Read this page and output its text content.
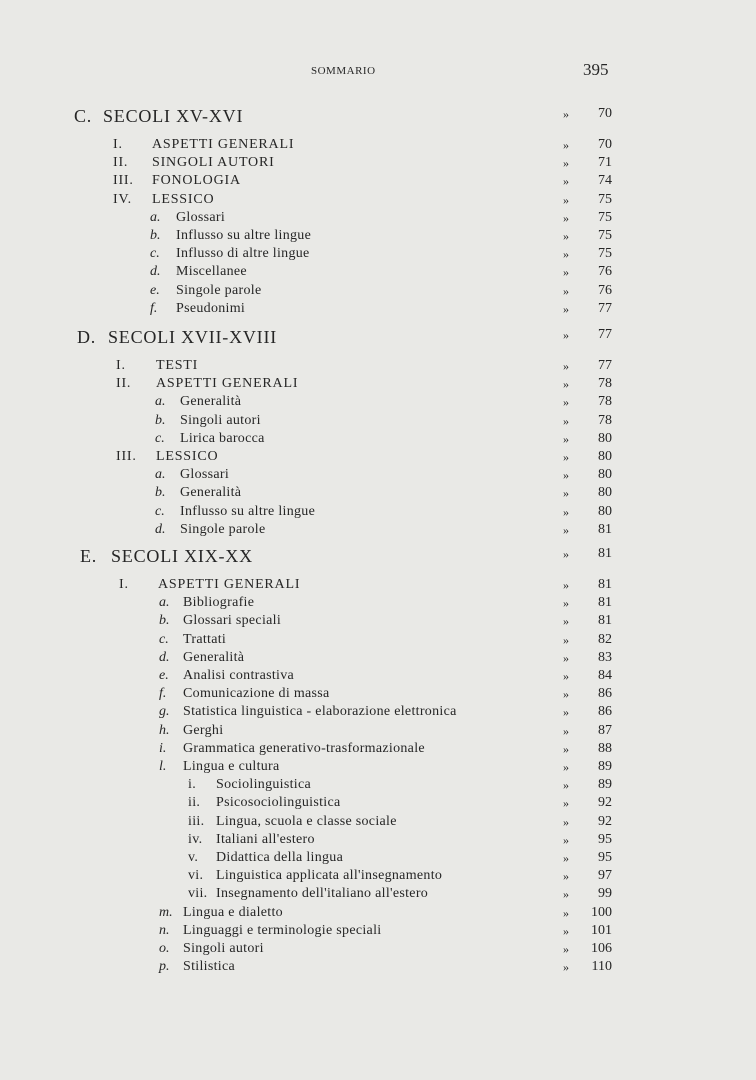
SOMMARIO	395
C. SECOLI XV-XVI	»	70
I. ASPETTI GENERALI	»	70
II. SINGOLI AUTORI	»	71
III. FONOLOGIA	»	74
IV. LESSICO	»	75
a. Glossari	»	75
b. Influsso su altre lingue	»	75
c. Influsso di altre lingue	»	75
d. Miscellanee	»	76
e. Singole parole	»	76
f. Pseudonimi	»	77
D. SECOLI XVII-XVIII	»	77
I. TESTI	»	77
II. ASPETTI GENERALI	»	78
a. Generalità	»	78
b. Singoli autori	»	78
c. Lirica barocca	»	80
III. LESSICO	»	80
a. Glossari	»	80
b. Generalità	»	80
c. Influsso su altre lingue	»	80
d. Singole parole	»	81
E. SECOLI XIX-XX	»	81
I. ASPETTI GENERALI	»	81
a. Bibliografie	»	81
b. Glossari speciali	»	81
c. Trattati	»	82
d. Generalità	»	83
e. Analisi contrastiva	»	84
f. Comunicazione di massa	»	86
g. Statistica linguistica - elaborazione elettronica	»	86
h. Gerghi	»	87
i. Grammatica generativo-trasformazionale	»	88
l. Lingua e cultura	»	89
i. Sociolinguistica	»	89
ii. Psicosociolinguistica	»	92
iii. Lingua, scuola e classe sociale	»	92
iv. Italiani all'estero	»	95
v. Didattica della lingua	»	95
vi. Linguistica applicata all'insegnamento	»	97
vii. Insegnamento dell'italiano all'estero	»	99
m. Lingua e dialetto	»	100
n. Linguaggi e terminologie speciali	»	101
o. Singoli autori	»	106
p. Stilistica	»	110
